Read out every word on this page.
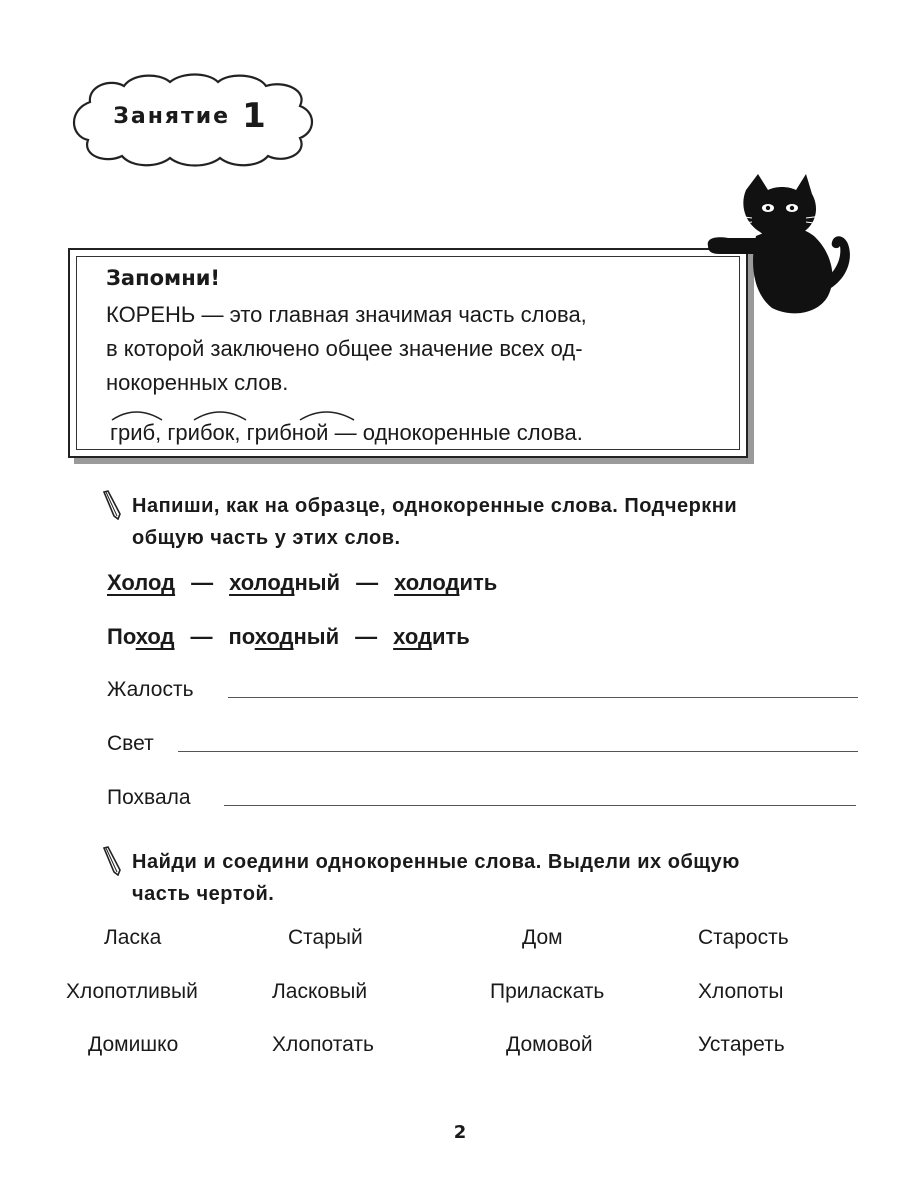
Занятие 1
Запомни!
КОРЕНЬ — это главная значимая часть слова,
в которой заключено общее значение всех од-
нокоренных слов.
гриб, грибок, грибной — однокоренные слова.
Напиши, как на образце, однокоренные слова. Подчеркни
общую часть у этих слов.
Холод — холодный — холодить
Поход — походный — ходить
Жалость
Свет
Похвала
Найди и соедини однокоренные слова. Выдели их общую
часть чертой.
Ласка	Старый	Дом	Старость
Хлопотливый	Ласковый	Приласкать	Хлопоты
Домишко	Хлопотать	Домовой	Устареть
2
